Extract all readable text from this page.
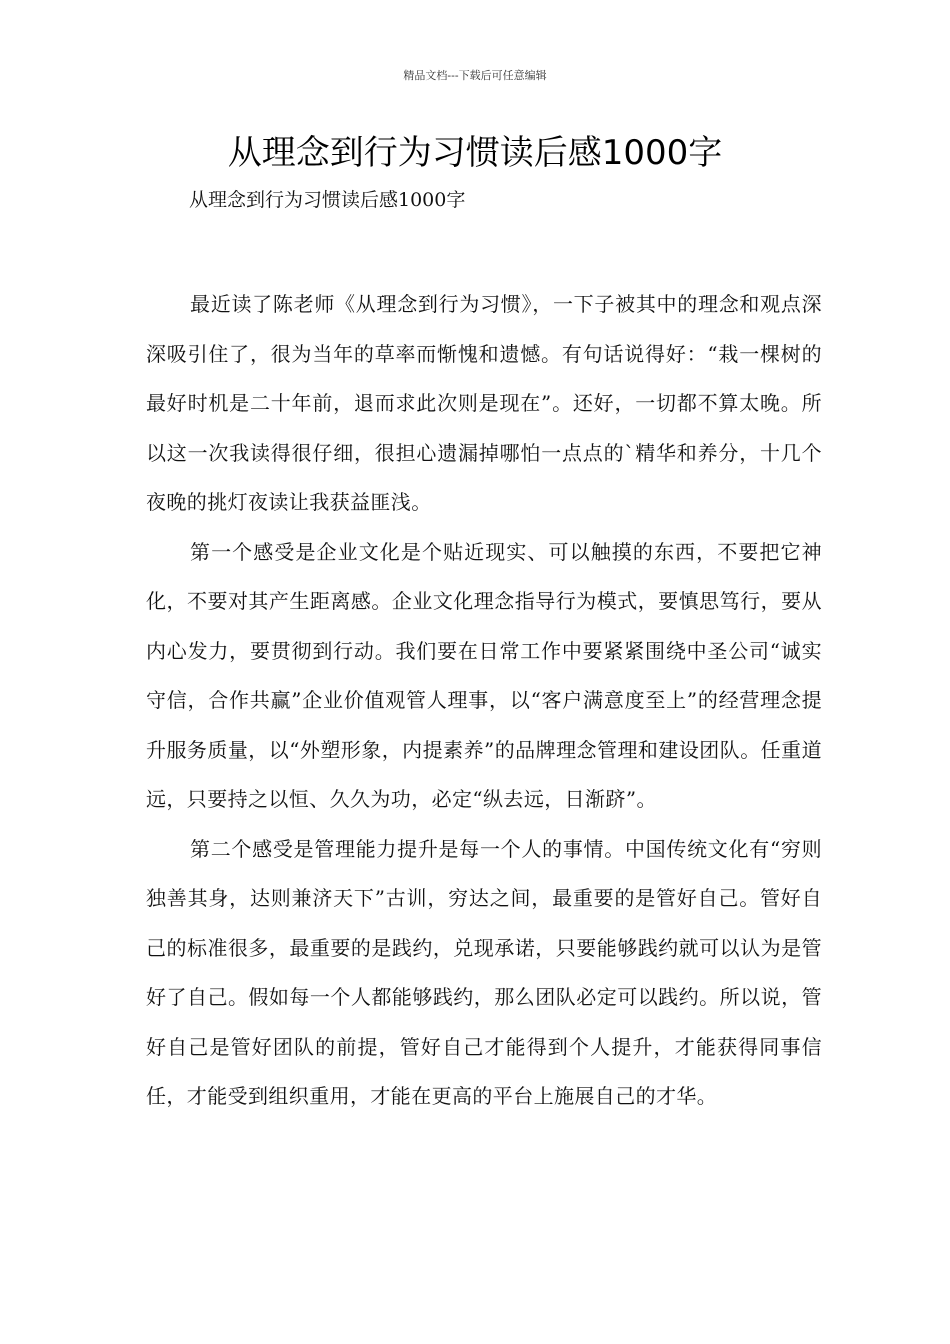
精品文档---下载后可任意编辑
从理念到行为习惯读后感1000字
从理念到行为习惯读后感1000字

最近读了陈老师《从理念到行为习惯》，一下子被其中的理念和观点深深吸引住了，很为当年的草率而惭愧和遗憾。有句话说得好：“栽一棵树的最好时机是二十年前，退而求此次则是现在”。还好，一切都不算太晚。所以这一次我读得很仔细，很担心遗漏掉哪怕一点点的`精华和养分，十几个夜晚的挑灯夜读让我获益匪浅。

第一个感受是企业文化是个贴近现实、可以触摸的东西，不要把它神化，不要对其产生距离感。企业文化理念指导行为模式，要慎思笃行，要从内心发力，要贯彻到行动。我们要在日常工作中要紧紧围绕中圣公司“诚实守信，合作共赢”企业价值观管人理事，以“客户满意度至上”的经营理念提升服务质量，以“外塑形象，内提素养”的品牌理念管理和建设团队。任重道远，只要持之以恒、久久为功，必定“纵去远，日渐跻”。

第二个感受是管理能力提升是每一个人的事情。中国传统文化有“穷则独善其身，达则兼济天下”古训，穷达之间，最重要的是管好自己。管好自己的标准很多，最重要的是践约，兑现承诺，只要能够践约就可以认为是管好了自己。假如每一个人都能够践约，那么团队必定可以践约。所以说，管好自己是管好团队的前提，管好自己才能得到个人提升，才能获得同事信任，才能受到组织重用，才能在更高的平台上施展自己的才华。
